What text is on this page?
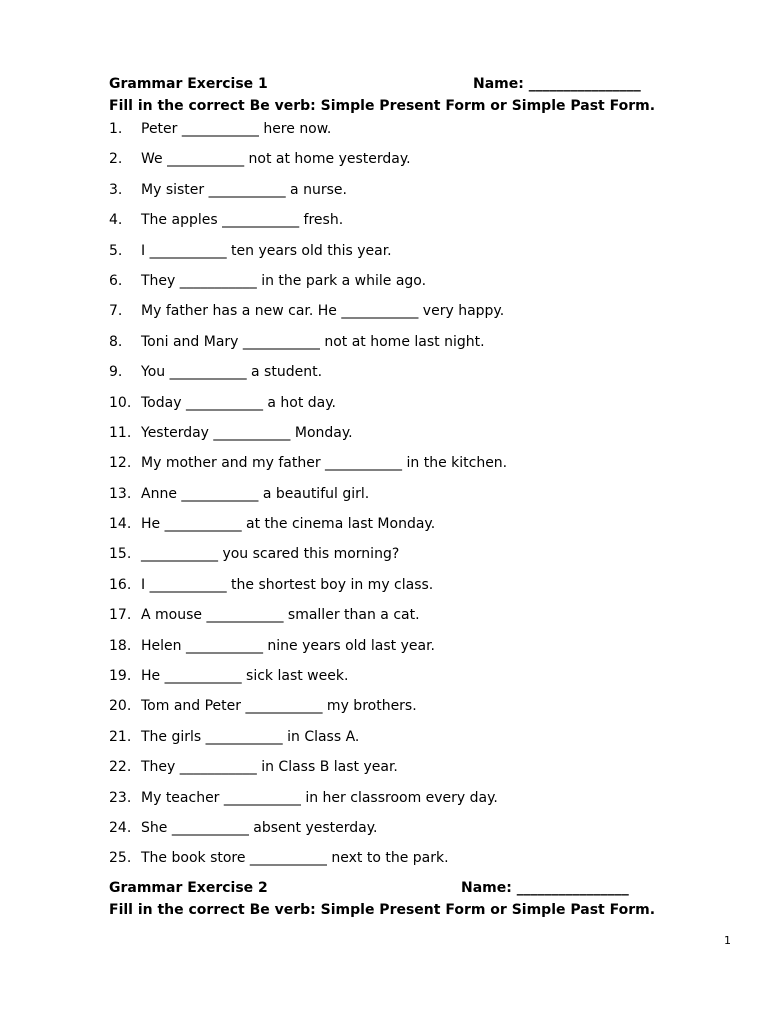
Grammar Exercise 1	Name: ________________
Fill in the correct Be verb: Simple Present Form or Simple Past Form.
1. Peter ___________ here now.
2. We ___________ not at home yesterday.
3. My sister ___________ a nurse.
4. The apples ___________ fresh.
5. I ___________ ten years old this year.
6. They ___________ in the park a while ago.
7. My father has a new car. He ___________ very happy.
8. Toni and Mary ___________ not at home last night.
9. You ___________ a student.
10. Today ___________ a hot day.
11. Yesterday ___________ Monday.
12. My mother and my father ___________ in the kitchen.
13. Anne ___________ a beautiful girl.
14. He ___________ at the cinema last Monday.
15. ___________ you scared this morning?
16. I ___________ the shortest boy in my class.
17. A mouse ___________ smaller than a cat.
18. Helen ___________ nine years old last year.
19. He ___________ sick last week.
20. Tom and Peter ___________ my brothers.
21. The girls ___________ in Class A.
22. They ___________ in Class B last year.
23. My teacher ___________ in her classroom every day.
24. She ___________ absent yesterday.
25. The book store ___________ next to the park.
Grammar Exercise 2	Name: ________________
Fill in the correct Be verb: Simple Present Form or Simple Past Form.
1
